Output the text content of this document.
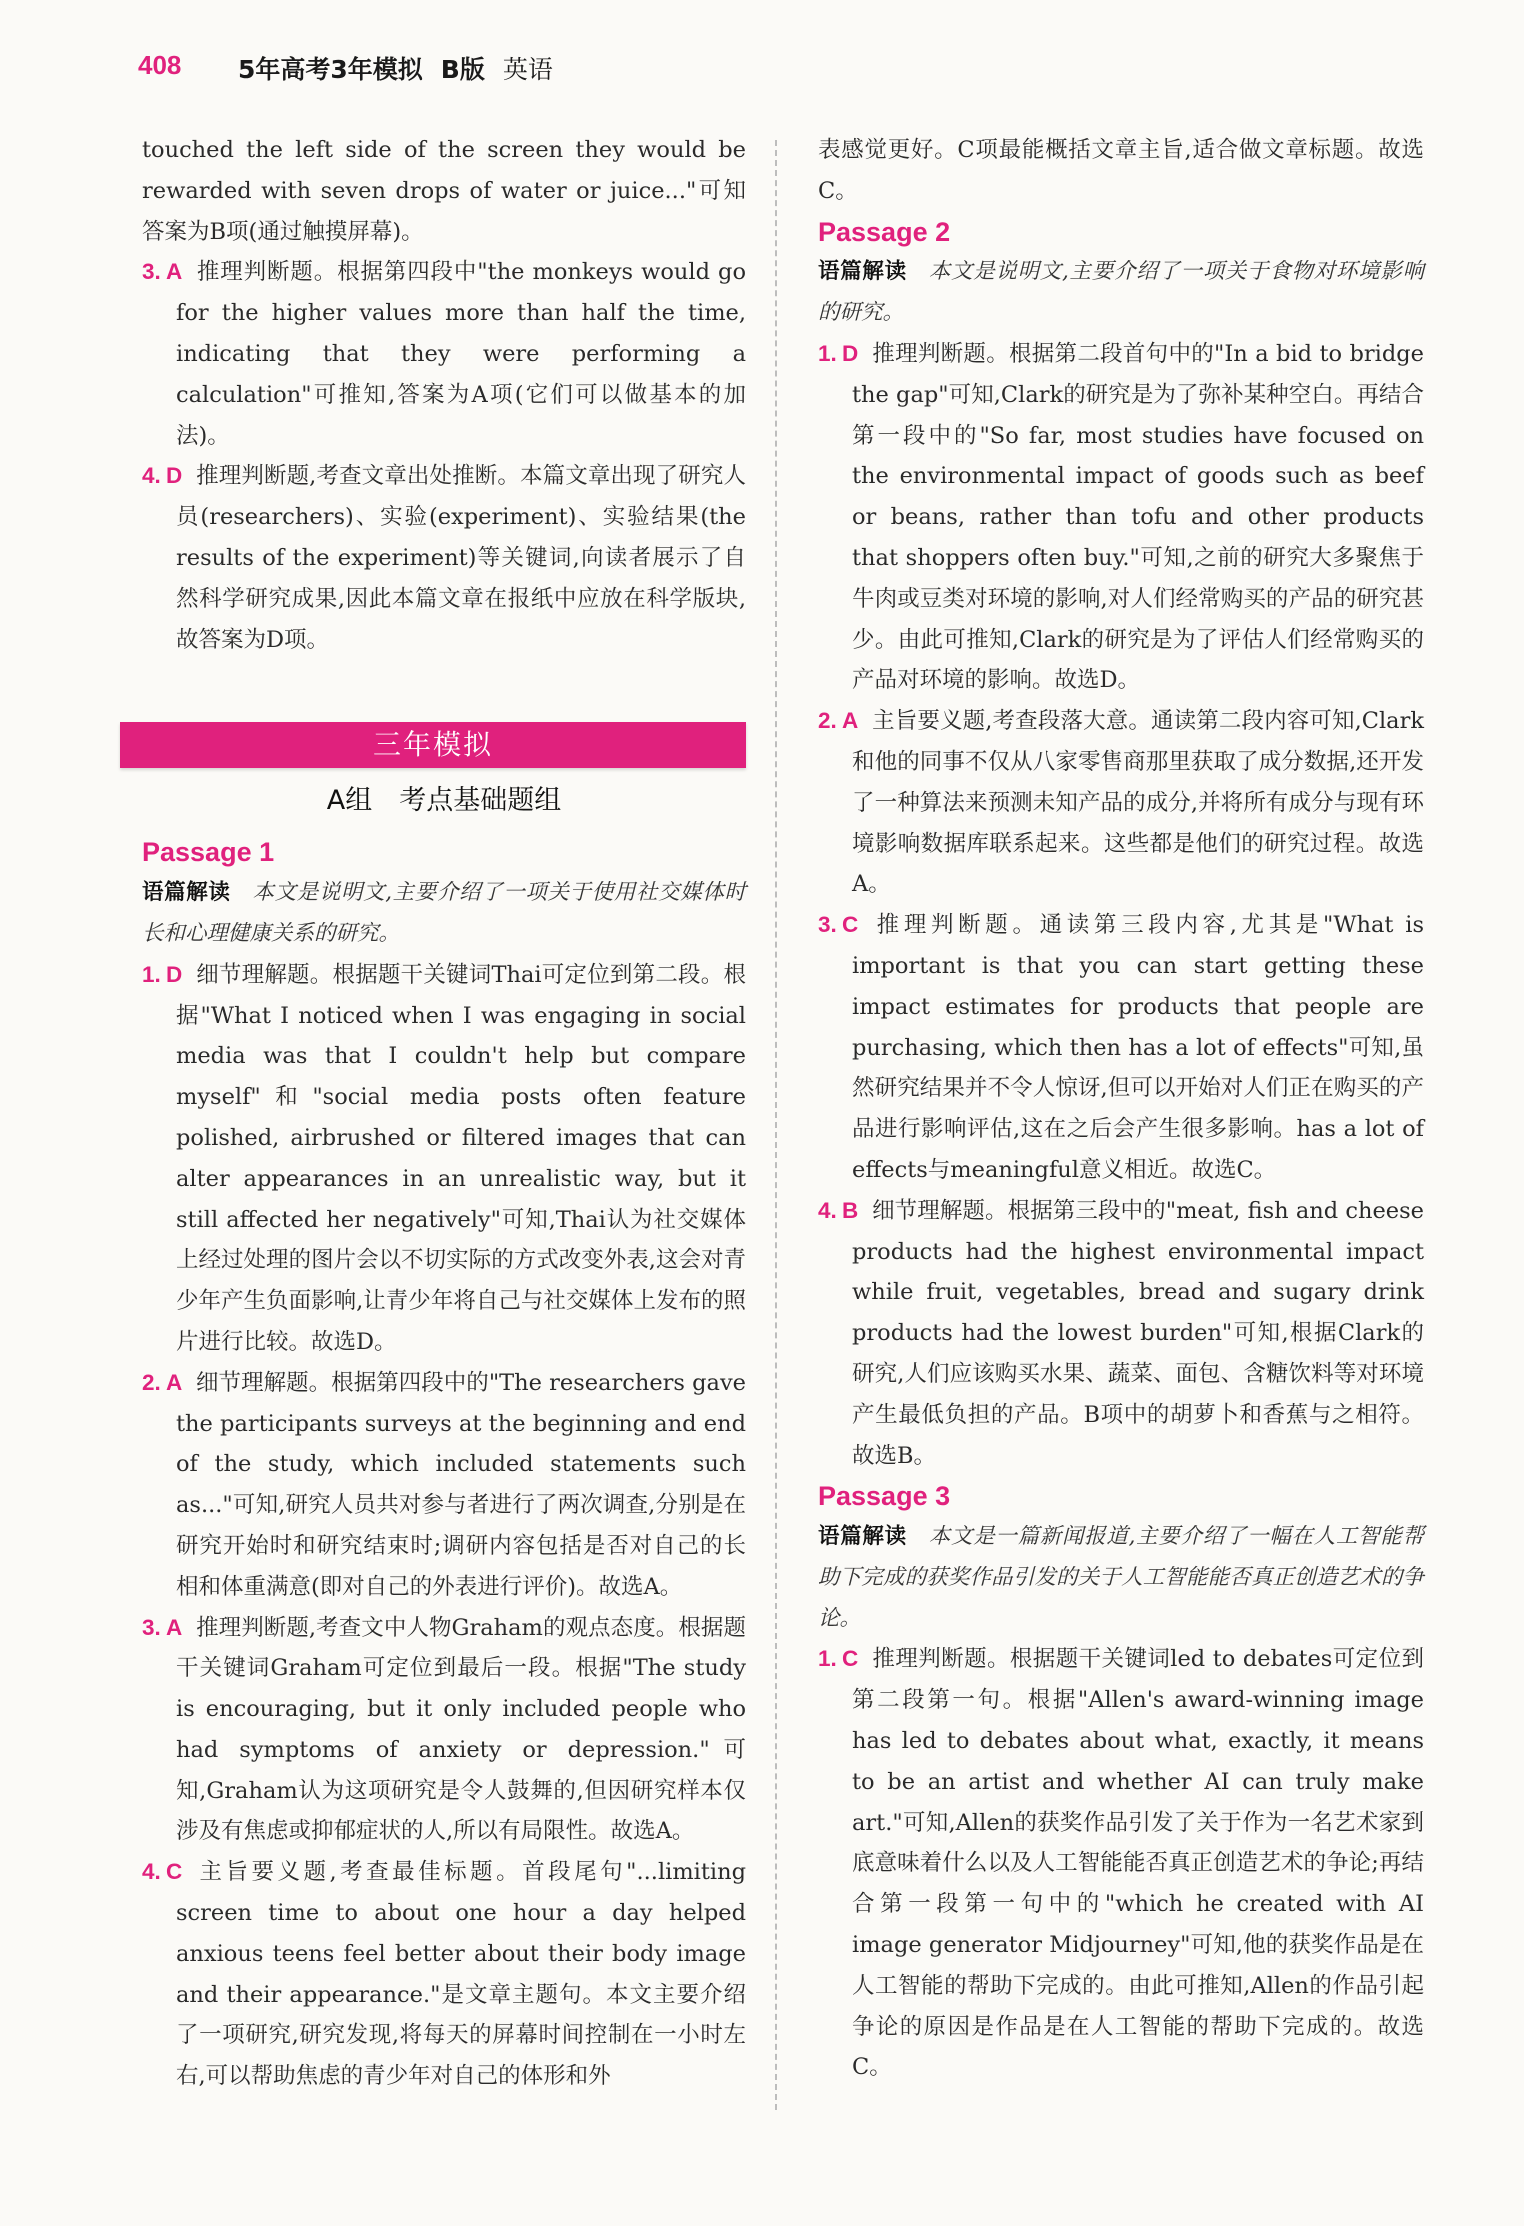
408 5年高考3年模拟 B版 英语

touched the left side of the screen they would be rewarded with seven drops of water or juice..."可知答案为B项(通过触摸屏幕)。

3. A 推理判断题。根据第四段中"the monkeys would go for the higher values more than half the time, indicating that they were performing a calculation"可推知,答案为A项(它们可以做基本的加法)。

4. D 推理判断题,考查文章出处推断。本篇文章出现了研究人员(researchers)、实验(experiment)、实验结果(the results of the experiment)等关键词,向读者展示了自然科学研究成果,因此本篇文章在报纸中应放在科学版块,故答案为D项。

三年模拟
A组　考点基础题组

Passage 1

语篇解读 本文是说明文,主要介绍了一项关于使用社交媒体时长和心理健康关系的研究。

1. D 细节理解题。根据题干关键词Thai可定位到第二段。根据"What I noticed when I was engaging in social media was that I couldn't help but compare myself"和"social media posts often feature polished, airbrushed or filtered images that can alter appearances in an unrealistic way, but it still affected her negatively"可知,Thai认为社交媒体上经过处理的图片会以不切实际的方式改变外表,这会对青少年产生负面影响,让青少年将自己与社交媒体上发布的照片进行比较。故选D。

2. A 细节理解题。根据第四段中的"The researchers gave the participants surveys at the beginning and end of the study, which included statements such as..."可知,研究人员共对参与者进行了两次调查,分别是在研究开始时和研究结束时;调研内容包括是否对自己的长相和体重满意(即对自己的外表进行评价)。故选A。

3. A 推理判断题,考查文中人物Graham的观点态度。根据题干关键词Graham可定位到最后一段。根据"The study is encouraging, but it only included people who had symptoms of anxiety or depression."可知,Graham认为这项研究是令人鼓舞的,但因研究样本仅涉及有焦虑或抑郁症状的人,所以有局限性。故选A。

4. C 主旨要义题,考查最佳标题。首段尾句"...limiting screen time to about one hour a day helped anxious teens feel better about their body image and their appearance."是文章主题句。本文主要介绍了一项研究,研究发现,将每天的屏幕时间控制在一小时左右,可以帮助焦虑的青少年对自己的体形和外

表感觉更好。C项最能概括文章主旨,适合做文章标题。故选C。

Passage 2

语篇解读 本文是说明文,主要介绍了一项关于食物对环境影响的研究。

1. D 推理判断题。根据第二段首句中的"In a bid to bridge the gap"可知,Clark的研究是为了弥补某种空白。再结合第一段中的"So far, most studies have focused on the environmental impact of goods such as beef or beans, rather than tofu and other products that shoppers often buy."可知,之前的研究大多聚焦于牛肉或豆类对环境的影响,对人们经常购买的产品的研究甚少。由此可推知,Clark的研究是为了评估人们经常购买的产品对环境的影响。故选D。

2. A 主旨要义题,考查段落大意。通读第二段内容可知,Clark和他的同事不仅从八家零售商那里获取了成分数据,还开发了一种算法来预测未知产品的成分,并将所有成分与现有环境影响数据库联系起来。这些都是他们的研究过程。故选A。

3. C 推理判断题。通读第三段内容,尤其是"What is important is that you can start getting these impact estimates for products that people are purchasing, which then has a lot of effects"可知,虽然研究结果并不令人惊讶,但可以开始对人们正在购买的产品进行影响评估,这在之后会产生很多影响。has a lot of effects与meaningful意义相近。故选C。

4. B 细节理解题。根据第三段中的"meat, fish and cheese products had the highest environmental impact while fruit, vegetables, bread and sugary drink products had the lowest burden"可知,根据Clark的研究,人们应该购买水果、蔬菜、面包、含糖饮料等对环境产生最低负担的产品。B项中的胡萝卜和香蕉与之相符。故选B。

Passage 3

语篇解读 本文是一篇新闻报道,主要介绍了一幅在人工智能帮助下完成的获奖作品引发的关于人工智能能否真正创造艺术的争论。

1. C 推理判断题。根据题干关键词led to debates可定位到第二段第一句。根据"Allen's award-winning image has led to debates about what, exactly, it means to be an artist and whether AI can truly make art."可知,Allen的获奖作品引发了关于作为一名艺术家到底意味着什么以及人工智能能否真正创造艺术的争论;再结合第一段第一句中的"which he created with AI image generator Midjourney"可知,他的获奖作品是在人工智能的帮助下完成的。由此可推知,Allen的作品引起争论的原因是作品是在人工智能的帮助下完成的。故选C。
